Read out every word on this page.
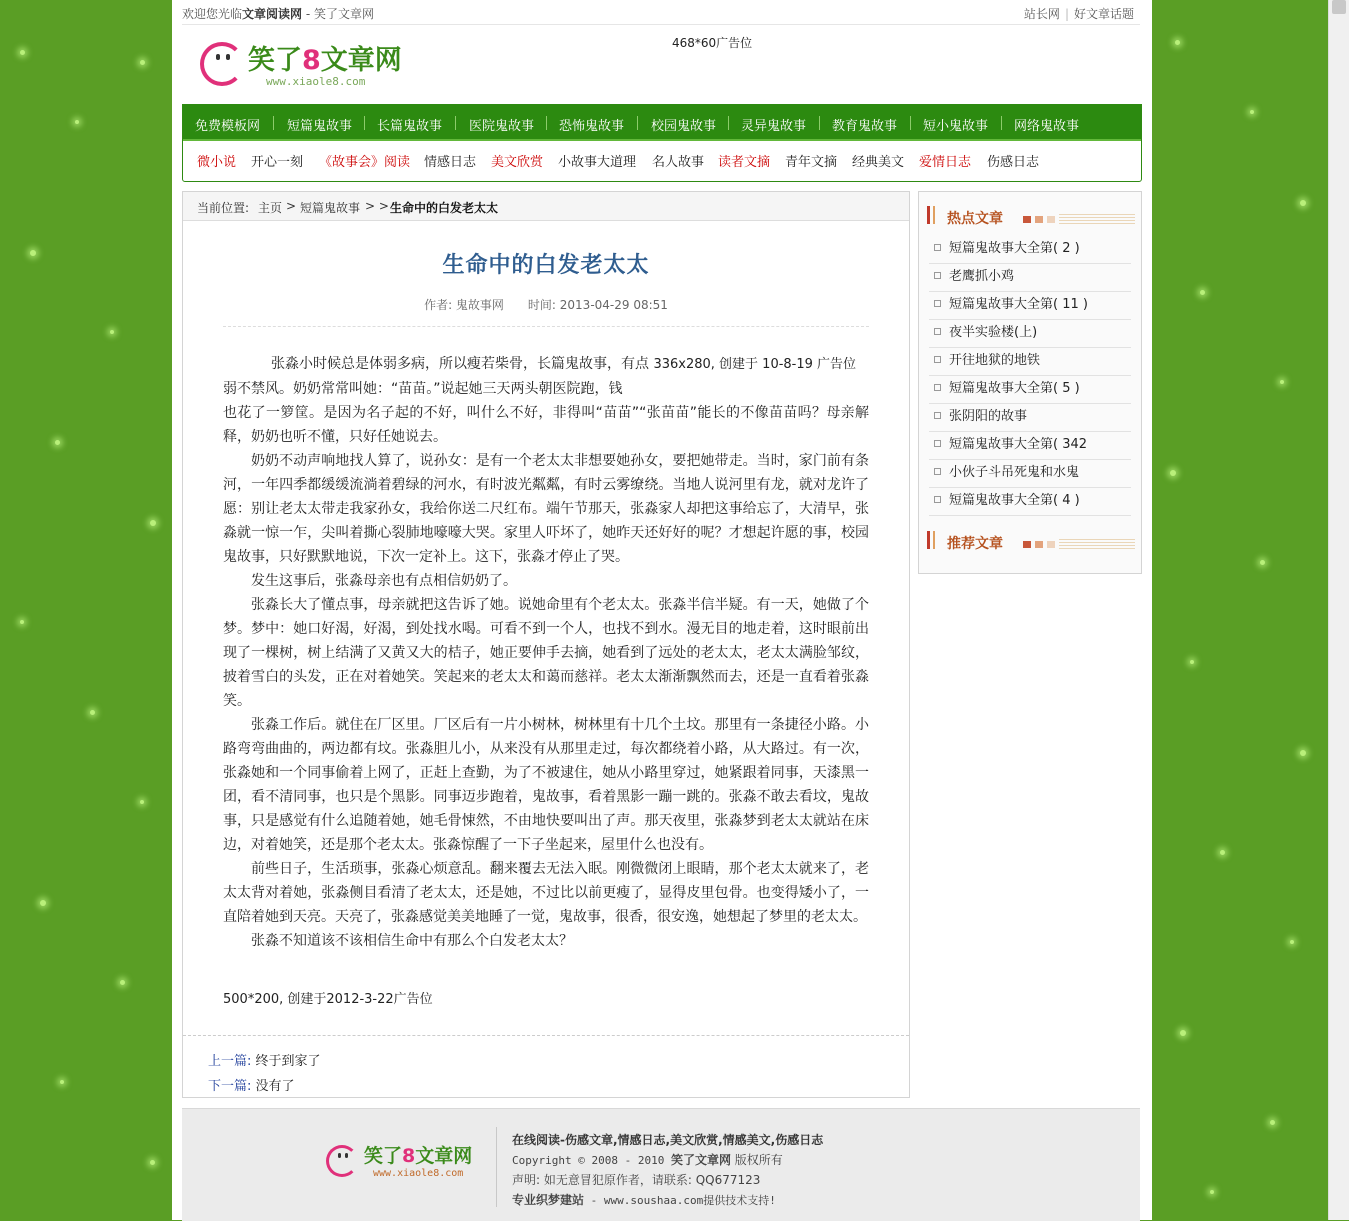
欢迎您光临文章阅读网 - 笑了文章网	站长网 | 好文章话题
笑了8文章网
www.xiaole8.com
468*60广告位
免费模板网 短篇鬼故事 长篇鬼故事 医院鬼故事 恐怖鬼故事 校园鬼故事 灵异鬼故事 教育鬼故事 短小鬼故事 网络鬼故事
微小说 开心一刻 《故事会》阅读 情感日志 美文欣赏 小故事大道理 名人故事 读者文摘 青年文摘 经典美文 爱情日志 伤感日志
当前位置: 主页 > 短篇鬼故事 > > 生命中的白发老太太
生命中的白发老太太
作者: 鬼故事网 时间: 2013-04-29 08:51

张淼小时候总是体弱多病，所以瘦若柴骨，长篇鬼故事，有点 336x280, 创建于 10-8-19 广告位

弱不禁风。奶奶常常叫她：“苗苗。”说起她三天两头朝医院跑，钱

也花了一箩筐。是因为名子起的不好，叫什么不好，非得叫“苗苗”“张苗苗”能长的不像苗苗吗？母亲解释，奶奶也听不懂，只好任她说去。

奶奶不动声响地找人算了，说孙女：是有一个老太太非想要她孙女，要把她带走。当时，家门前有条河，一年四季都缓缓流淌着碧绿的河水，有时波光粼粼，有时云雾缭绕。当地人说河里有龙，就对龙许了愿：别让老太太带走我家孙女，我给你送二尺红布。端午节那天，张淼家人却把这事给忘了，大清早，张淼就一惊一乍，尖叫着撕心裂肺地嚎嚎大哭。家里人吓坏了，她昨天还好好的呢？才想起许愿的事，校园鬼故事，只好默默地说，下次一定补上。这下，张淼才停止了哭。

发生这事后，张淼母亲也有点相信奶奶了。

张淼长大了懂点事，母亲就把这告诉了她。说她命里有个老太太。张淼半信半疑。有一天，她做了个梦。梦中：她口好渴，好渴，到处找水喝。可看不到一个人，也找不到水。漫无目的地走着，这时眼前出现了一棵树，树上结满了又黄又大的桔子，她正要伸手去摘，她看到了远处的老太太，老太太满脸邹纹，披着雪白的头发，正在对着她笑。笑起来的老太太和蔼而慈祥。老太太渐渐飘然而去，还是一直看着张淼笑。

张淼工作后。就住在厂区里。厂区后有一片小树林，树林里有十几个土坟。那里有一条捷径小路。小路弯弯曲曲的，两边都有坟。张淼胆儿小，从来没有从那里走过，每次都绕着小路，从大路过。有一次，张淼她和一个同事偷着上网了，正赶上查勤，为了不被逮住，她从小路里穿过，她紧跟着同事，天漆黑一团，看不清同事，也只是个黑影。同事迈步跑着，鬼故事，看着黑影一蹦一跳的。张淼不敢去看坟，鬼故事，只是感觉有什么追随着她，她毛骨悚然，不由地快要叫出了声。那天夜里，张淼梦到老太太就站在床边，对着她笑，还是那个老太太。张淼惊醒了一下子坐起来，屋里什么也没有。

前些日子，生活琐事，张淼心烦意乱。翻来覆去无法入眠。刚微微闭上眼睛，那个老太太就来了，老太太背对着她，张淼侧目看清了老太太，还是她，不过比以前更瘦了，显得皮里包骨。也变得矮小了，一直陪着她到天亮。天亮了，张淼感觉美美地睡了一觉，鬼故事，很香，很安逸，她想起了梦里的老太太。

张淼不知道该不该相信生命中有那么个白发老太太？

500*200, 创建于2012-3-22广告位
上一篇: 终于到家了
下一篇: 没有了
热点文章
短篇鬼故事大全第( 2 )
老鹰抓小鸡
短篇鬼故事大全第( 11 )
夜半实验楼(上)
开往地狱的地铁
短篇鬼故事大全第( 5 )
张阴阳的故事
短篇鬼故事大全第( 342
小伙子斗吊死鬼和水鬼
短篇鬼故事大全第( 4 )
推荐文章
笑了8文章网
www.xiaole8.com
在线阅读-伤感文章,情感日志,美文欣赏,情感美文,伤感日志
Copyright © 2008 - 2010 笑了文章网 版权所有
声明: 如无意冒犯原作者，请联系: QQ677123
专业织梦建站 - www.soushaa.com提供技术支持!
